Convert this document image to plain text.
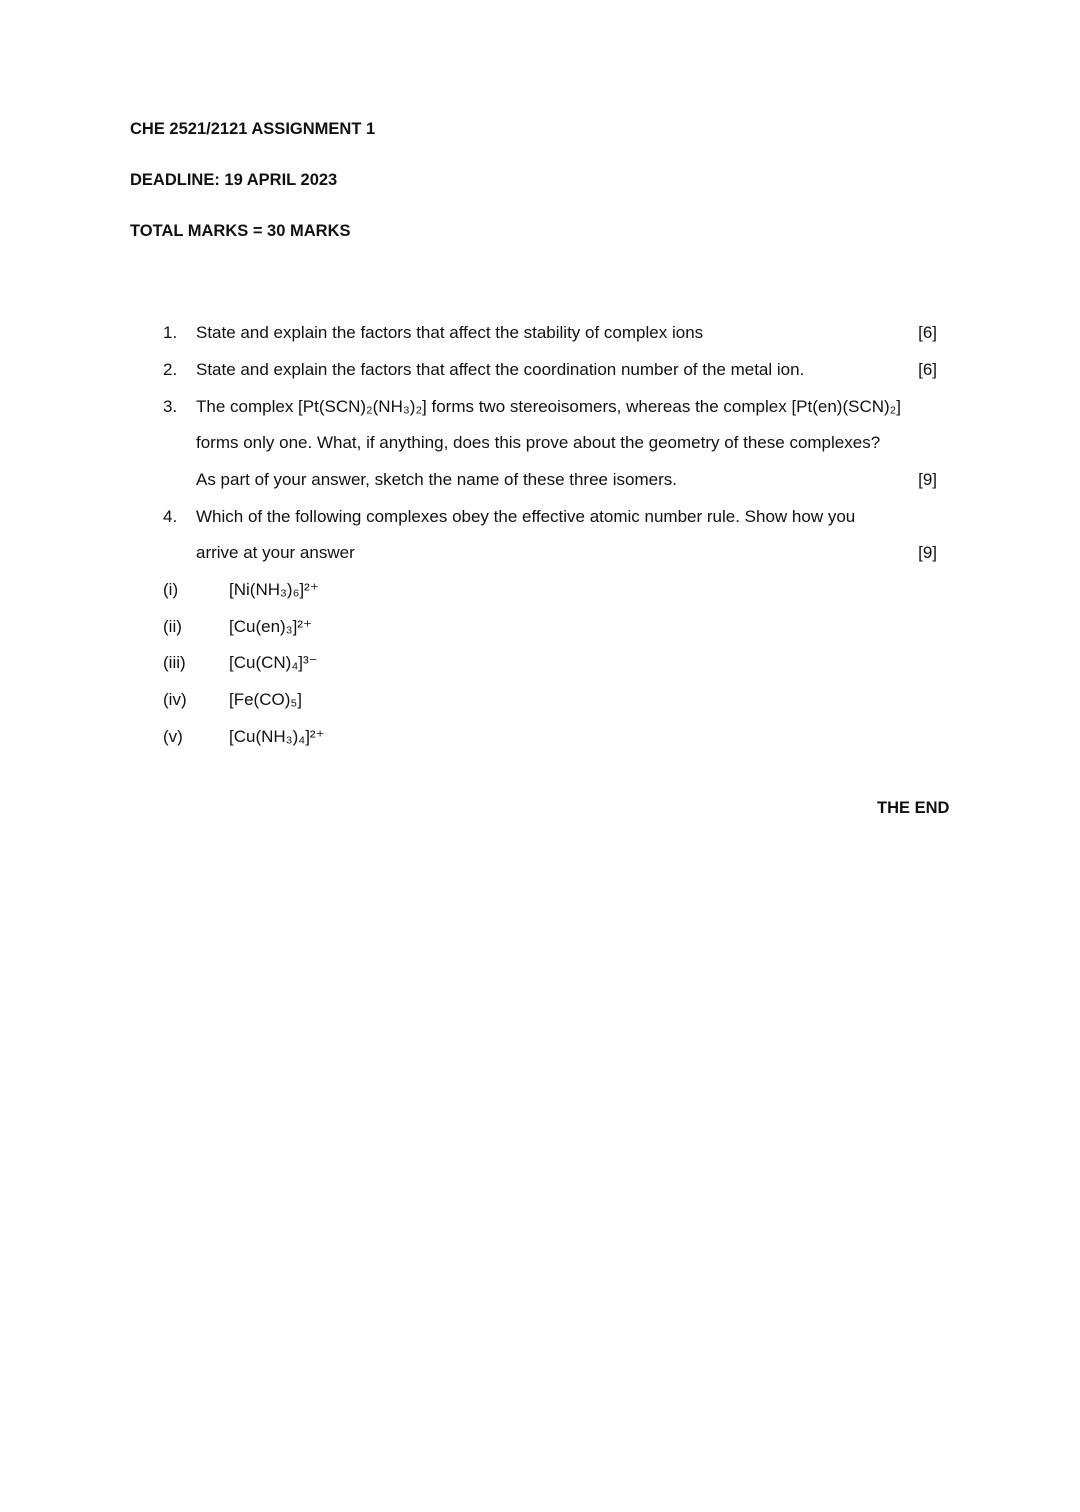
CHE 2521/2121 ASSIGNMENT 1
DEADLINE: 19 APRIL 2023
TOTAL MARKS = 30 MARKS
1. State and explain the factors that affect the stability of complex ions	[6]
2. State and explain the factors that affect the coordination number of the metal ion.	[6]
3. The complex [Pt(SCN)₂(NH₃)₂] forms two stereoisomers, whereas the complex [Pt(en)(SCN)₂]
forms only one. What, if anything, does this prove about the geometry of these complexes?
As part of your answer, sketch the name of these three isomers.	[9]
4. Which of the following complexes obey the effective atomic number rule. Show how you
arrive at your answer	[9]
(i)	[Ni(NH₃)₆]²⁺
(ii)	[Cu(en)₃]²⁺
(iii)	[Cu(CN)₄]³⁻
(iv) [Fe(CO)₅]
(v)	[Cu(NH₃)₄]²⁺
THE END
